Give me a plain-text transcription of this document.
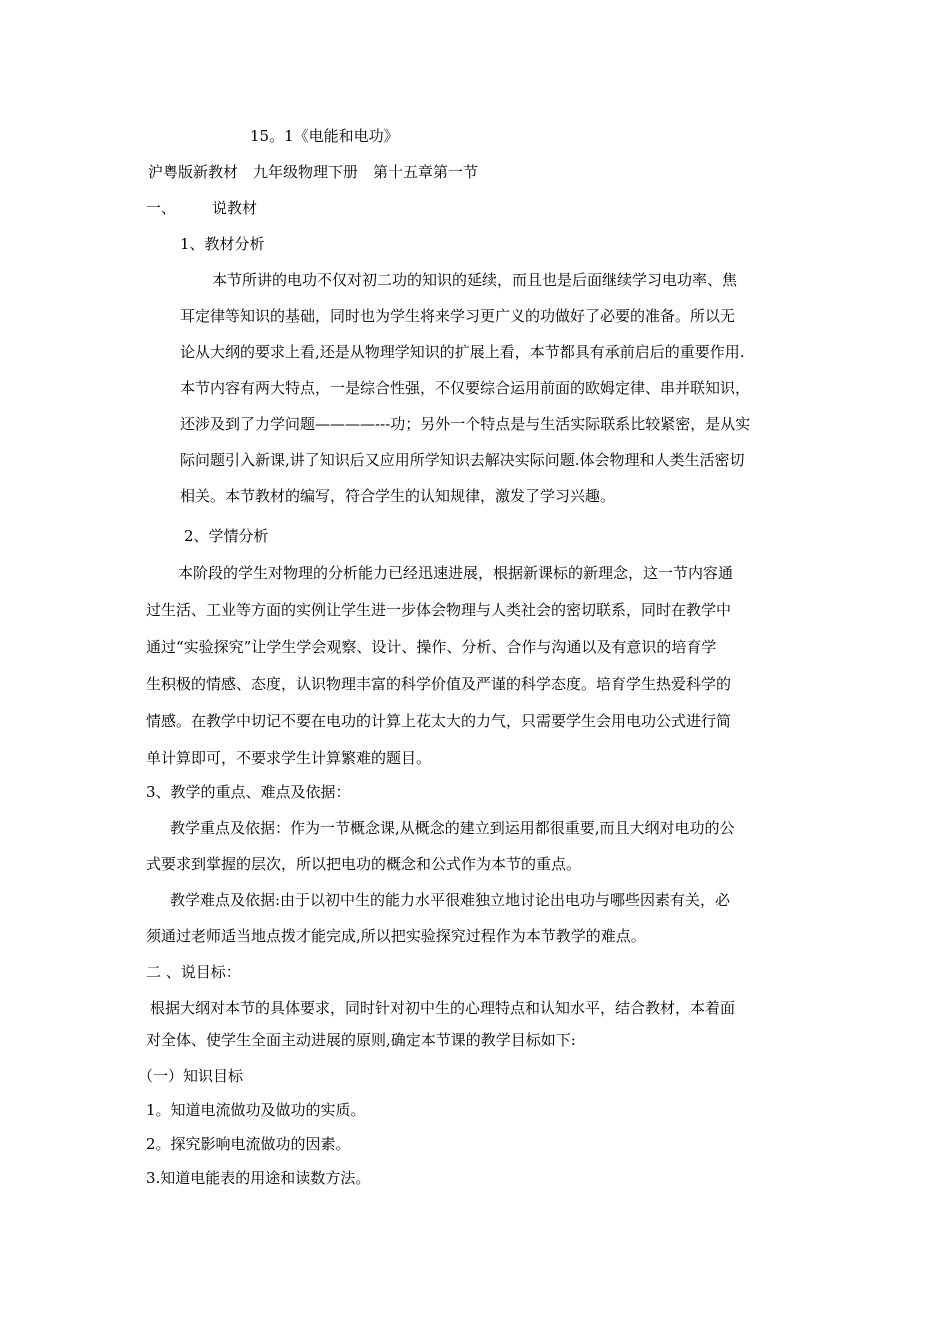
15。1《电能和电功》
沪粤版新教材　九年级物理下册　第十五章第一节
一、 说教材
1、教材分析
本节所讲的电功不仅对初二功的知识的延续，而且也是后面继续学习电功率、焦
耳定律等知识的基础，同时也为学生将来学习更广义的功做好了必要的准备。所以无
论从大纲的要求上看,还是从物理学知识的扩展上看，本节都具有承前启后的重要作用.
本节内容有两大特点，一是综合性强，不仅要综合运用前面的欧姆定律、串并联知识，
还涉及到了力学问题————---功；另外一个特点是与生活实际联系比较紧密，是从实
际问题引入新课,讲了知识后又应用所学知识去解决实际问题.体会物理和人类生活密切
相关。本节教材的编写，符合学生的认知规律，激发了学习兴趣。
2、学情分析
本阶段的学生对物理的分析能力已经迅速进展，根据新课标的新理念，这一节内容通
过生活、工业等方面的实例让学生进一步体会物理与人类社会的密切联系，同时在教学中
通过“实验探究”让学生学会观察、设计、操作、分析、合作与沟通以及有意识的培育学
生积极的情感、态度，认识物理丰富的科学价值及严谨的科学态度。培育学生热爱科学的
情感。在教学中切记不要在电功的计算上花太大的力气，只需要学生会用电功公式进行简
单计算即可，不要求学生计算繁难的题目。
3、教学的重点、难点及依据：
教学重点及依据：作为一节概念课,从概念的建立到运用都很重要,而且大纲对电功的公
式要求到掌握的层次，所以把电功的概念和公式作为本节的重点。
教学难点及依据:由于以初中生的能力水平很难独立地讨论出电功与哪些因素有关，必
须通过老师适当地点拨才能完成,所以把实验探究过程作为本节教学的难点。
二 、说目标：
根据大纲对本节的具体要求，同时针对初中生的心理特点和认知水平，结合教材，本着面
对全体、使学生全面主动进展的原则,确定本节课的教学目标如下:
（一）知识目标
1。知道电流做功及做功的实质。
2。探究影响电流做功的因素。
3.知道电能表的用途和读数方法。
